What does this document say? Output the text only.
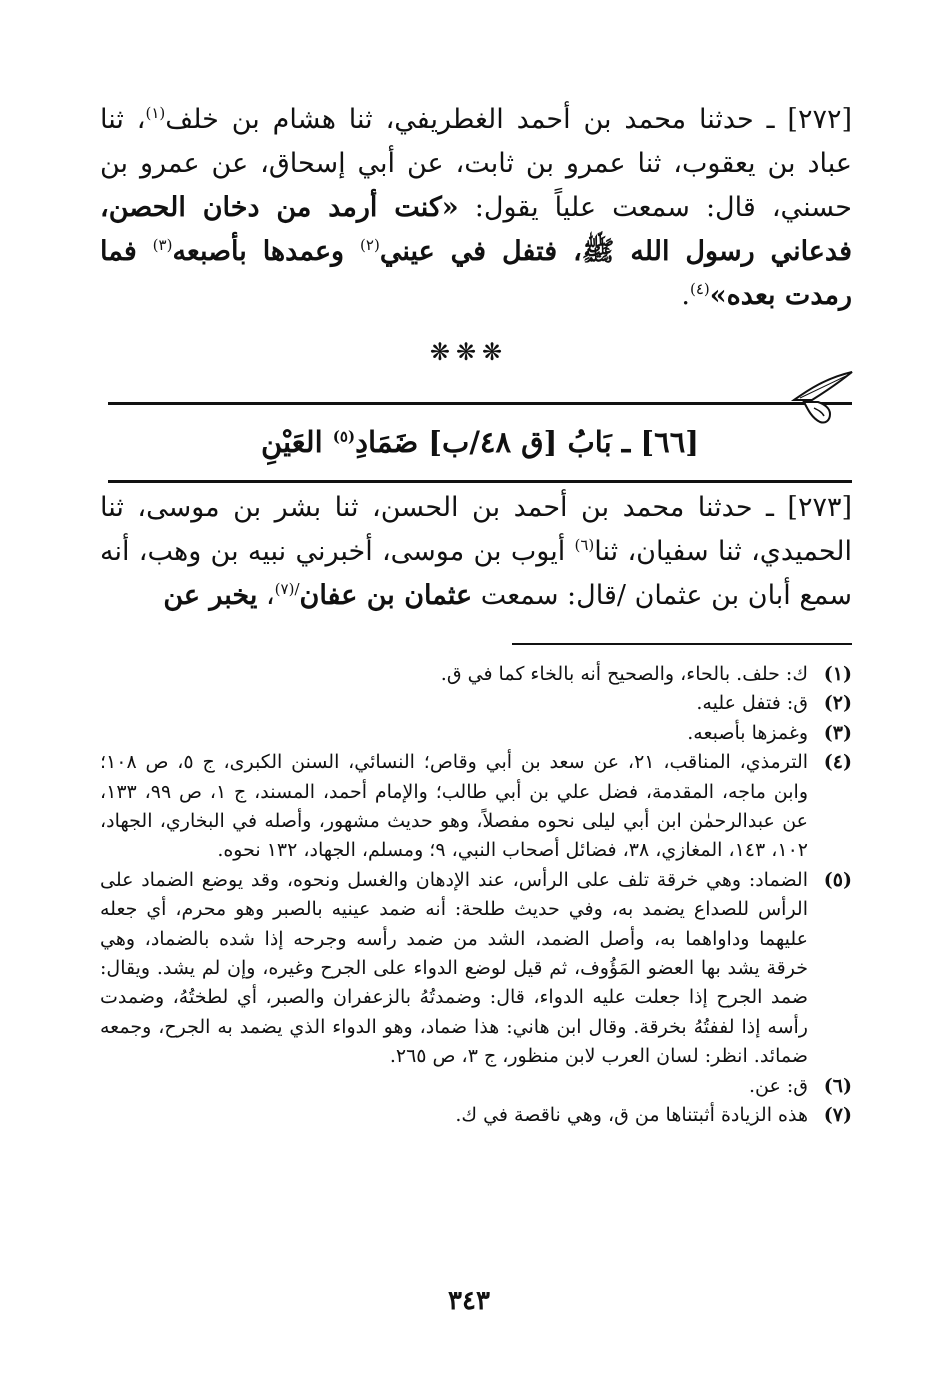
[٢٧٢] ـ حدثنا محمد بن أحمد الغطريفي، ثنا هشام بن خلف$^{(١)}$، ثنا عباد بن يعقوب، ثنا عمرو بن ثابت، عن أبي إسحاق، عن عمرو بن حسني، قال: سمعت علياً يقول: «كنت أرمد من دخان الحصن، فدعاني رسول الله ﷺ، فتفل في عيني$^{(٢)}$ وعمدها بأصبعه$^{(٣)}$ فما رمدت بعده»$^{(٤)}$.
❋❋❋
[٦٦] ـ بَابُ [ق ٤٨/ب] ضَمَادِ$^{(٥)}$ العَيْنِ
[٢٧٣] ـ حدثنا محمد بن أحمد بن الحسن، ثنا بشر بن موسى، ثنا الحميدي، ثنا سفيان، ثنا$^{(٦)}$ أيوب بن موسى، أخبرني نبيه بن وهب، أنه سمع أبان بن عثمان /قال: سمعت عثمان بن عفان$^{/(٧)}$، يخبر عن
(١)
ك: حلف. بالحاء، والصحيح أنه بالخاء كما في ق.
(٢)
ق: فتفل عليه.
(٣)
وغمزها بأصبعه.
(٤)
الترمذي، المناقب، ٢١، عن سعد بن أبي وقاص؛ النسائي، السنن الكبرى، ج ٥، ص ١٠٨؛ وابن ماجه، المقدمة، فضل علي بن أبي طالب؛ والإمام أحمد، المسند، ج ١، ص ٩٩، ١٣٣، عن عبدالرحمٰن ابن أبي ليلى نحوه مفصلاً، وهو حديث مشهور، وأصله في البخاري، الجهاد، ١٠٢، ١٤٣، المغازي، ٣٨، فضائل أصحاب النبي، ٩؛ ومسلم، الجهاد، ١٣٢ نحوه.
(٥)
الضماد: وهي خرقة تلف على الرأس، عند الإدهان والغسل ونحوه، وقد يوضع الضماد على الرأس للصداع يضمد به، وفي حديث طلحة: أنه ضمد عينيه بالصبر وهو محرم، أي جعله عليهما وداواهما به، وأصل الضمد، الشد من ضمد رأسه وجرحه إذا شده بالضماد، وهي خرقة يشد بها العضو المَؤُوف، ثم قيل لوضع الدواء على الجرح وغيره، وإن لم يشد. ويقال: ضمد الجرح إذا جعلت عليه الدواء، قال: وضمدتُهُ بالزعفران والصبر، أي لطختُهُ، وضمدت رأسه إذا لففتُهُ بخرقة. وقال ابن هاني: هذا ضماد، وهو الدواء الذي يضمد به الجرح، وجمعه ضمائد. انظر: لسان العرب لابن منظور، ج ٣، ص ٢٦٥.
(٦)
ق: عن.
(٧)
هذه الزيادة أثبتناها من ق، وهي ناقصة في ك.
٣٤٣
